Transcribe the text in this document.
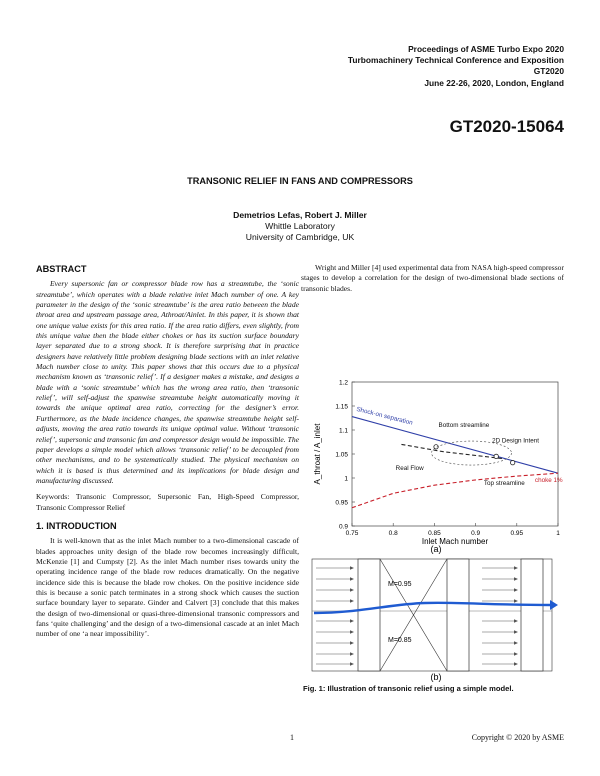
Proceedings of ASME Turbo Expo 2020
Turbomachinery Technical Conference and Exposition
GT2020
June 22-26, 2020, London, England
GT2020-15064
TRANSONIC RELIEF IN FANS AND COMPRESSORS
Demetrios Lefas, Robert J. Miller
Whittle Laboratory
University of Cambridge, UK
ABSTRACT

Every supersonic fan or compressor blade row has a streamtube, the ‘sonic streamtube’, which operates with a blade relative inlet Mach number of one. A key parameter in the design of the ‘sonic streamtube’ is the area ratio between the blade throat area and upstream passage area, Athroat/Ainlet. In this paper, it is shown that one unique value exists for this area ratio. If the area ratio differs, even slightly, from this unique value then the blade either chokes or has its suction surface boundary layer separated due to a strong shock. It is therefore surprising that in practice designers have relatively little problem designing blade sections with an inlet relative Mach number close to unity. This paper shows that this occurs due to a physical mechanism known as ‘transonic relief’. If a designer makes a mistake, and designs a blade with a ‘sonic streamtube’ which has the wrong area ratio, then ‘transonic relief’, will self-adjust the spanwise streamtube height automatically moving it towards the unique optimal area ratio, correcting for the designer’s error. Furthermore, as the blade incidence changes, the spanwise streamtube height self-adjusts, moving the area ratio towards its unique optimal value. Without ‘transonic relief’, supersonic and transonic fan and compressor design would be impossible. The paper develops a simple model which allows ‘transonic relief’ to be decoupled from other mechanisms, and to be systematically studied. The physical mechanism on which it is based is thus determined and its implications for blade design and manufacturing discussed.

Keywords: Transonic Compressor, Supersonic Fan, High-Speed Compressor, Transonic Compressor Relief

1. INTRODUCTION

It is well-known that as the inlet Mach number to a two-dimensional cascade of blades approaches unity design of the blade row becomes increasingly difficult, McKenzie [1] and Cumpsty [2]. As the inlet Mach number rises towards unity the operating incidence range of the blade row reduces dramatically. On the negative incidence side this is because the blade row chokes. On the positive incidence side this is because a sonic patch terminates in a strong shock which causes the suction surface boundary layer to separate. Ginder and Calvert [3] conclude that this makes the design of two-dimensional or quasi-three-dimensional transonic compressors and fans ‘quite challenging’ and the design of a two-dimensional cascade at an inlet Mach number of one ‘a near impossibility’.

Wright and Miller [4] used experimental data from NASA high-speed compressor stages to develop a correlation for the design of two-dimensional blade sections of transonic blades.

0.75	0.8	0.85	0.9	0.95	1
0.9
0.95
1
1.05
1.1
1.15
1.2
Shock-on separation	Bottom streamline
2D Design Intent
Real Flow
Top streamline choke 1%
Inlet Mach number
A_throat / A_inlet
(a)
M=0.95
M=0.85
(b)
Fig. 1: Illustration of transonic relief using a simple model.
1	Copyright © 2020 by ASME
